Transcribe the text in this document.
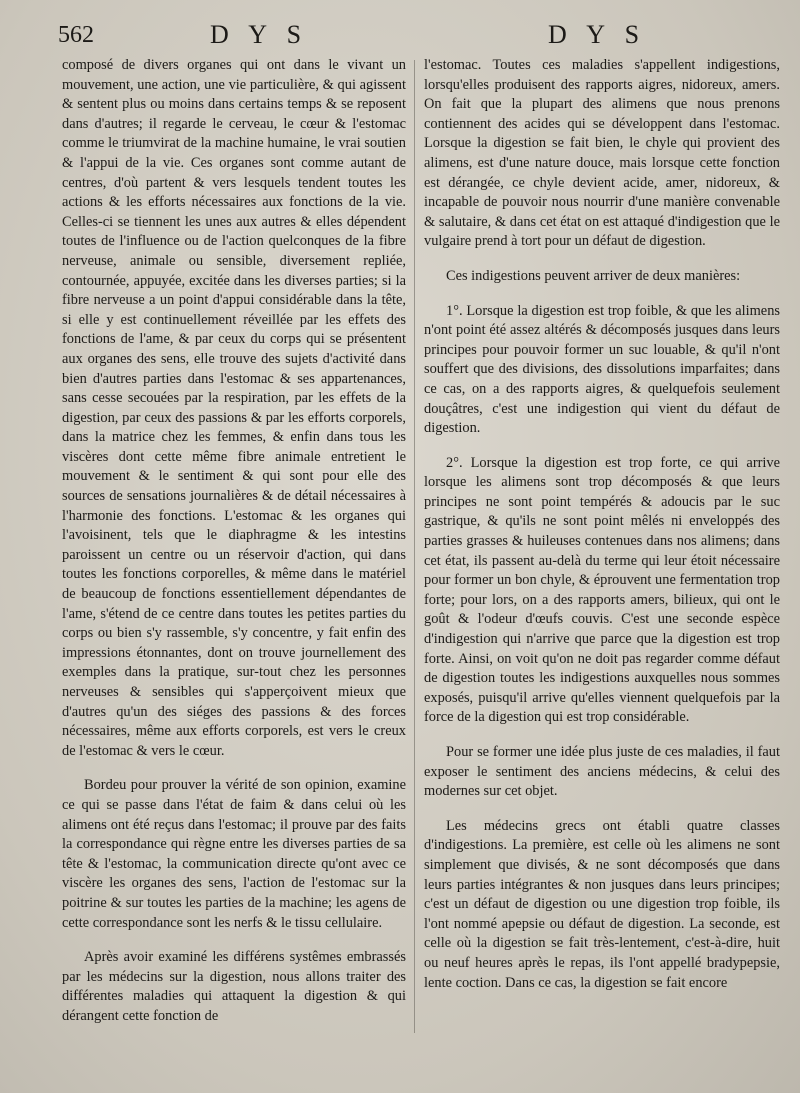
562	D Y S	D Y S

composé de divers organes qui ont dans le vivant un mouvement, une action, une vie particulière, & qui agissent & sentent plus ou moins dans certains temps & se reposent dans d'autres; il regarde le cerveau, le cœur & l'estomac comme le triumvirat de la machine humaine, le vrai soutien & l'appui de la vie. Ces organes sont comme autant de centres, d'où partent & vers lesquels tendent toutes les actions & les efforts nécessaires aux fonctions de la vie. Celles-ci se tiennent les unes aux autres & elles dépendent toutes de l'influence ou de l'action quelconques de la fibre nerveuse, animale ou sensible, diversement repliée, contournée, appuyée, excitée dans les diverses parties; si la fibre nerveuse a un point d'appui considérable dans la tête, si elle y est continuellement réveillée par les effets des fonctions de l'ame, & par ceux du corps qui se présentent aux organes des sens, elle trouve des sujets d'activité dans bien d'autres parties dans l'estomac & ses appartenances, sans cesse secouées par la respiration, par les effets de la digestion, par ceux des passions & par les efforts corporels, dans la matrice chez les femmes, & enfin dans tous les viscères dont cette même fibre animale entretient le mouvement & le sentiment & qui sont pour elle des sources de sensations journalières & de détail nécessaires à l'harmonie des fonctions. L'estomac & les organes qui l'avoisinent, tels que le diaphragme & les intestins paroissent un centre ou un réservoir d'action, qui dans toutes les fonctions corporelles, & même dans le matériel de beaucoup de fonctions essentiellement dépendantes de l'ame, s'étend de ce centre dans toutes les petites parties du corps ou bien s'y rassemble, s'y concentre, y fait enfin des impressions étonnantes, dont on trouve journellement des exemples dans la pratique, sur-tout chez les personnes nerveuses & sensibles qui s'apperçoivent mieux que d'autres qu'un des siéges des passions & des forces nécessaires, même aux efforts corporels, est vers le creux de l'estomac & vers le cœur.

Bordeu pour prouver la vérité de son opinion, examine ce qui se passe dans l'état de faim & dans celui où les alimens ont été reçus dans l'estomac; il prouve par des faits la correspondance qui règne entre les diverses parties de sa tête & l'estomac, la communication directe qu'ont avec ce viscère les organes des sens, l'action de l'estomac sur la poitrine & sur toutes les parties de la machine; les agens de cette correspondance sont les nerfs & le tissu cellulaire.

Après avoir examiné les différens systêmes embrassés par les médecins sur la digestion, nous allons traiter des différentes maladies qui attaquent la digestion & qui dérangent cette fonction de

l'estomac. Toutes ces maladies s'appellent indigestions, lorsqu'elles produisent des rapports aigres, nidoreux, amers. On fait que la plupart des alimens que nous prenons contiennent des acides qui se développent dans l'estomac. Lorsque la digestion se fait bien, le chyle qui provient des alimens, est d'une nature douce, mais lorsque cette fonction est dérangée, ce chyle devient acide, amer, nidoreux, & incapable de pouvoir nous nourrir d'une manière convenable & salutaire, & dans cet état on est attaqué d'indigestion que le vulgaire prend à tort pour un défaut de digestion.

Ces indigestions peuvent arriver de deux manières:

1°. Lorsque la digestion est trop foible, & que les alimens n'ont point été assez altérés & décomposés jusques dans leurs principes pour pouvoir former un suc louable, & qu'il n'ont souffert que des divisions, des dissolutions imparfaites; dans ce cas, on a des rapports aigres, & quelquefois seulement douçâtres, c'est une indigestion qui vient du défaut de digestion.

2°. Lorsque la digestion est trop forte, ce qui arrive lorsque les alimens sont trop décomposés & que leurs principes ne sont point tempérés & adoucis par le suc gastrique, & qu'ils ne sont point mêlés ni enveloppés des parties grasses & huileuses contenues dans nos alimens; dans cet état, ils passent au-delà du terme qui leur étoit nécessaire pour former un bon chyle, & éprouvent une fermentation trop forte; pour lors, on a des rapports amers, bilieux, qui ont le goût & l'odeur d'œufs couvis. C'est une seconde espèce d'indigestion qui n'arrive que parce que la digestion est trop forte. Ainsi, on voit qu'on ne doit pas regarder comme défaut de digestion toutes les indigestions auxquelles nous sommes exposés, puisqu'il arrive qu'elles viennent quelquefois par la force de la digestion qui est trop considérable.

Pour se former une idée plus juste de ces maladies, il faut exposer le sentiment des anciens médecins, & celui des modernes sur cet objet.

Les médecins grecs ont établi quatre classes d'indigestions. La première, est celle où les alimens ne sont simplement que divisés, & ne sont décomposés que dans leurs parties intégrantes & non jusques dans leurs principes; c'est un défaut de digestion ou une digestion trop foible, ils l'ont nommé apepsie ou défaut de digestion. La seconde, est celle où la digestion se fait très-lentement, c'est-à-dire, huit ou neuf heures après le repas, ils l'ont appellé bradypepsie, lente coction. Dans ce cas, la digestion se fait encore
